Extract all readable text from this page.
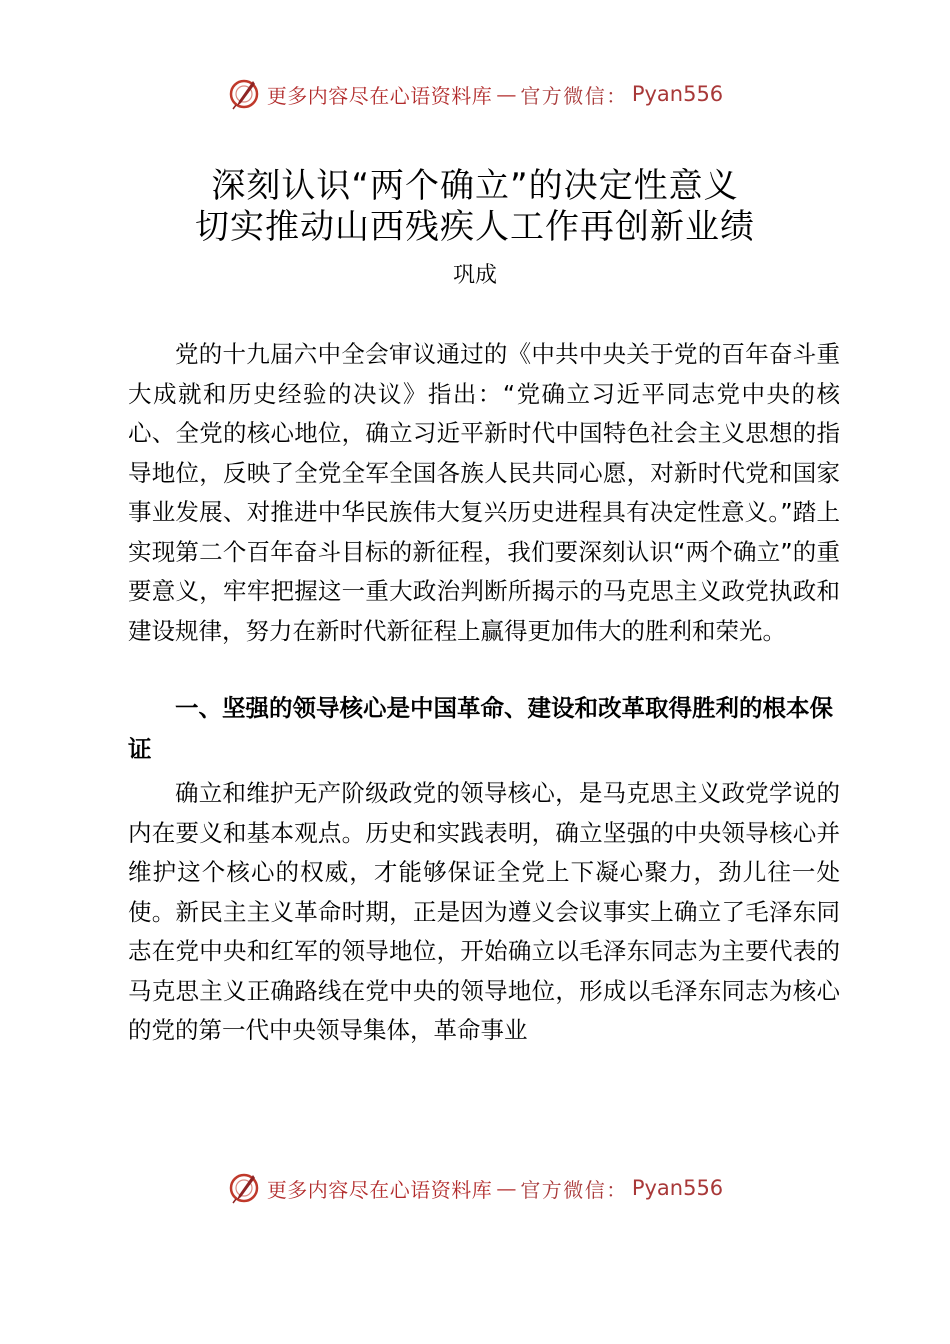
更多内容尽在心语资料库 — 官方微信： Pyan556
深刻认识“两个确立”的决定性意义
切实推动山西残疾人工作再创新业绩
巩成

党的十九届六中全会审议通过的《中共中央关于党的百年奋斗重大成就和历史经验的决议》指出：“党确立习近平同志党中央的核心、全党的核心地位，确立习近平新时代中国特色社会主义思想的指导地位，反映了全党全军全国各族人民共同心愿，对新时代党和国家事业发展、对推进中华民族伟大复兴历史进程具有决定性意义。”踏上实现第二个百年奋斗目标的新征程，我们要深刻认识“两个确立”的重要意义，牢牢把握这一重大政治判断所揭示的马克思主义政党执政和建设规律，努力在新时代新征程上赢得更加伟大的胜利和荣光。

一、坚强的领导核心是中国革命、建设和改革取得胜利的根本保证

确立和维护无产阶级政党的领导核心，是马克思主义政党学说的内在要义和基本观点。历史和实践表明，确立坚强的中央领导核心并维护这个核心的权威，才能够保证全党上下凝心聚力，劲儿往一处使。新民主主义革命时期，正是因为遵义会议事实上确立了毛泽东同志在党中央和红军的领导地位，开始确立以毛泽东同志为主要代表的马克思主义正确路线在党中央的领导地位，形成以毛泽东同志为核心的党的第一代中央领导集体，革命事业

更多内容尽在心语资料库 — 官方微信： Pyan556
